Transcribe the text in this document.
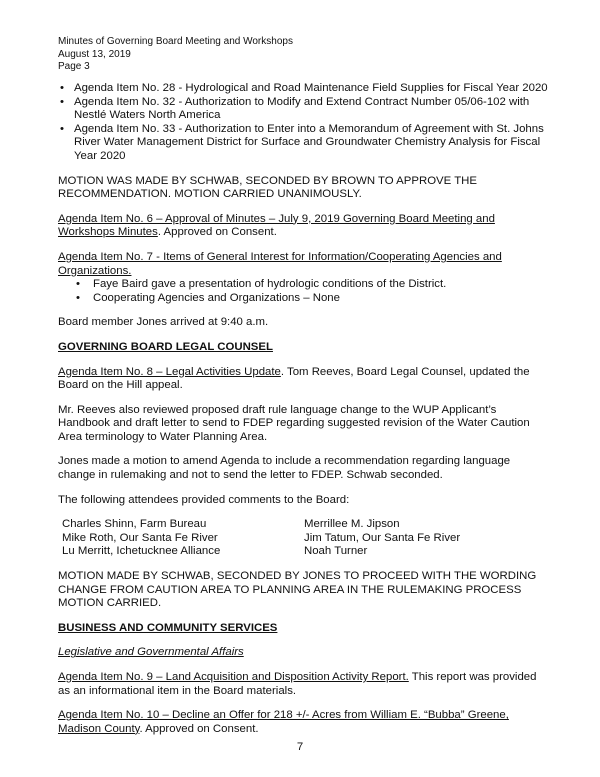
Minutes of Governing Board Meeting and Workshops
August 13, 2019
Page 3
• Agenda Item No. 28 - Hydrological and Road Maintenance Field Supplies for Fiscal Year 2020
• Agenda Item No. 32 - Authorization to Modify and Extend Contract Number 05/06-102 with Nestlé Waters North America
• Agenda Item No. 33 - Authorization to Enter into a Memorandum of Agreement with St. Johns River Water Management District for Surface and Groundwater Chemistry Analysis for Fiscal Year 2020

MOTION WAS MADE BY SCHWAB, SECONDED BY BROWN TO APPROVE THE RECOMMENDATION. MOTION CARRIED UNANIMOUSLY.

Agenda Item No. 6 – Approval of Minutes – July 9, 2019 Governing Board Meeting and Workshops Minutes. Approved on Consent.

Agenda Item No. 7 - Items of General Interest for Information/Cooperating Agencies and Organizations.

• Faye Baird gave a presentation of hydrologic conditions of the District.
• Cooperating Agencies and Organizations – None

Board member Jones arrived at 9:40 a.m.

GOVERNING BOARD LEGAL COUNSEL

Agenda Item No. 8 – Legal Activities Update. Tom Reeves, Board Legal Counsel, updated the Board on the Hill appeal.

Mr. Reeves also reviewed proposed draft rule language change to the WUP Applicant’s Handbook and draft letter to send to FDEP regarding suggested revision of the Water Caution Area terminology to Water Planning Area.

Jones made a motion to amend Agenda to include a recommendation regarding language change in rulemaking and not to send the letter to FDEP. Schwab seconded.

The following attendees provided comments to the Board:

Charles Shinn, Farm Bureau
Mike Roth, Our Santa Fe River
Lu Merritt, Ichetucknee Alliance
Merrillee M. Jipson
Jim Tatum, Our Santa Fe River
Noah Turner

MOTION MADE BY SCHWAB, SECONDED BY JONES TO PROCEED WITH THE WORDING CHANGE FROM CAUTION AREA TO PLANNING AREA IN THE RULEMAKING PROCESS MOTION CARRIED.

BUSINESS AND COMMUNITY SERVICES

Legislative and Governmental Affairs

Agenda Item No. 9 – Land Acquisition and Disposition Activity Report. This report was provided as an informational item in the Board materials.

Agenda Item No. 10 – Decline an Offer for 218 +/- Acres from William E. “Bubba” Greene, Madison County. Approved on Consent.

7
